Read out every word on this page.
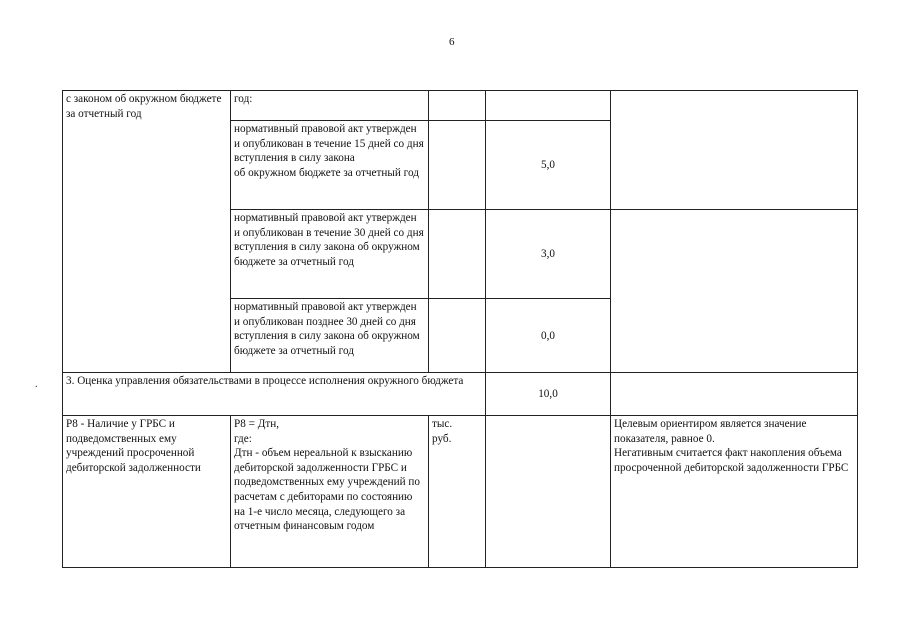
6
.
с законом об окружном бюджете за отчетный год	год:			
	нормативный правовой акт утвержден и опубликован в течение 15 дней со дня вступления в силу закона
об окружном бюджете за отчетный год		5,0	
	нормативный правовой акт утвержден и опубликован в течение 30 дней со дня вступления в силу закона об окружном бюджете за отчетный год		3,0	
	нормативный правовой акт утвержден и опубликован позднее 30 дней со дня вступления в силу закона об окружном бюджете за отчетный год		0,0	
3. Оценка управления обязательствами в процессе исполнения окружного бюджета			10,0	
P8 - Наличие у ГРБС и подведомственных ему учреждений просроченной дебиторской задолженности	P8 = Дтн,
где:
Дтн - объем нереальной к взысканию дебиторской задолженности ГРБС и подведомственных ему учреждений по расчетам с дебиторами по состоянию на 1-е число месяца, следующего за отчетным финансовым годом	тыс.
руб.		Целевым ориентиром является значение показателя, равное 0.
Негативным считается факт накопления объема просроченной дебиторской задолженности ГРБС
